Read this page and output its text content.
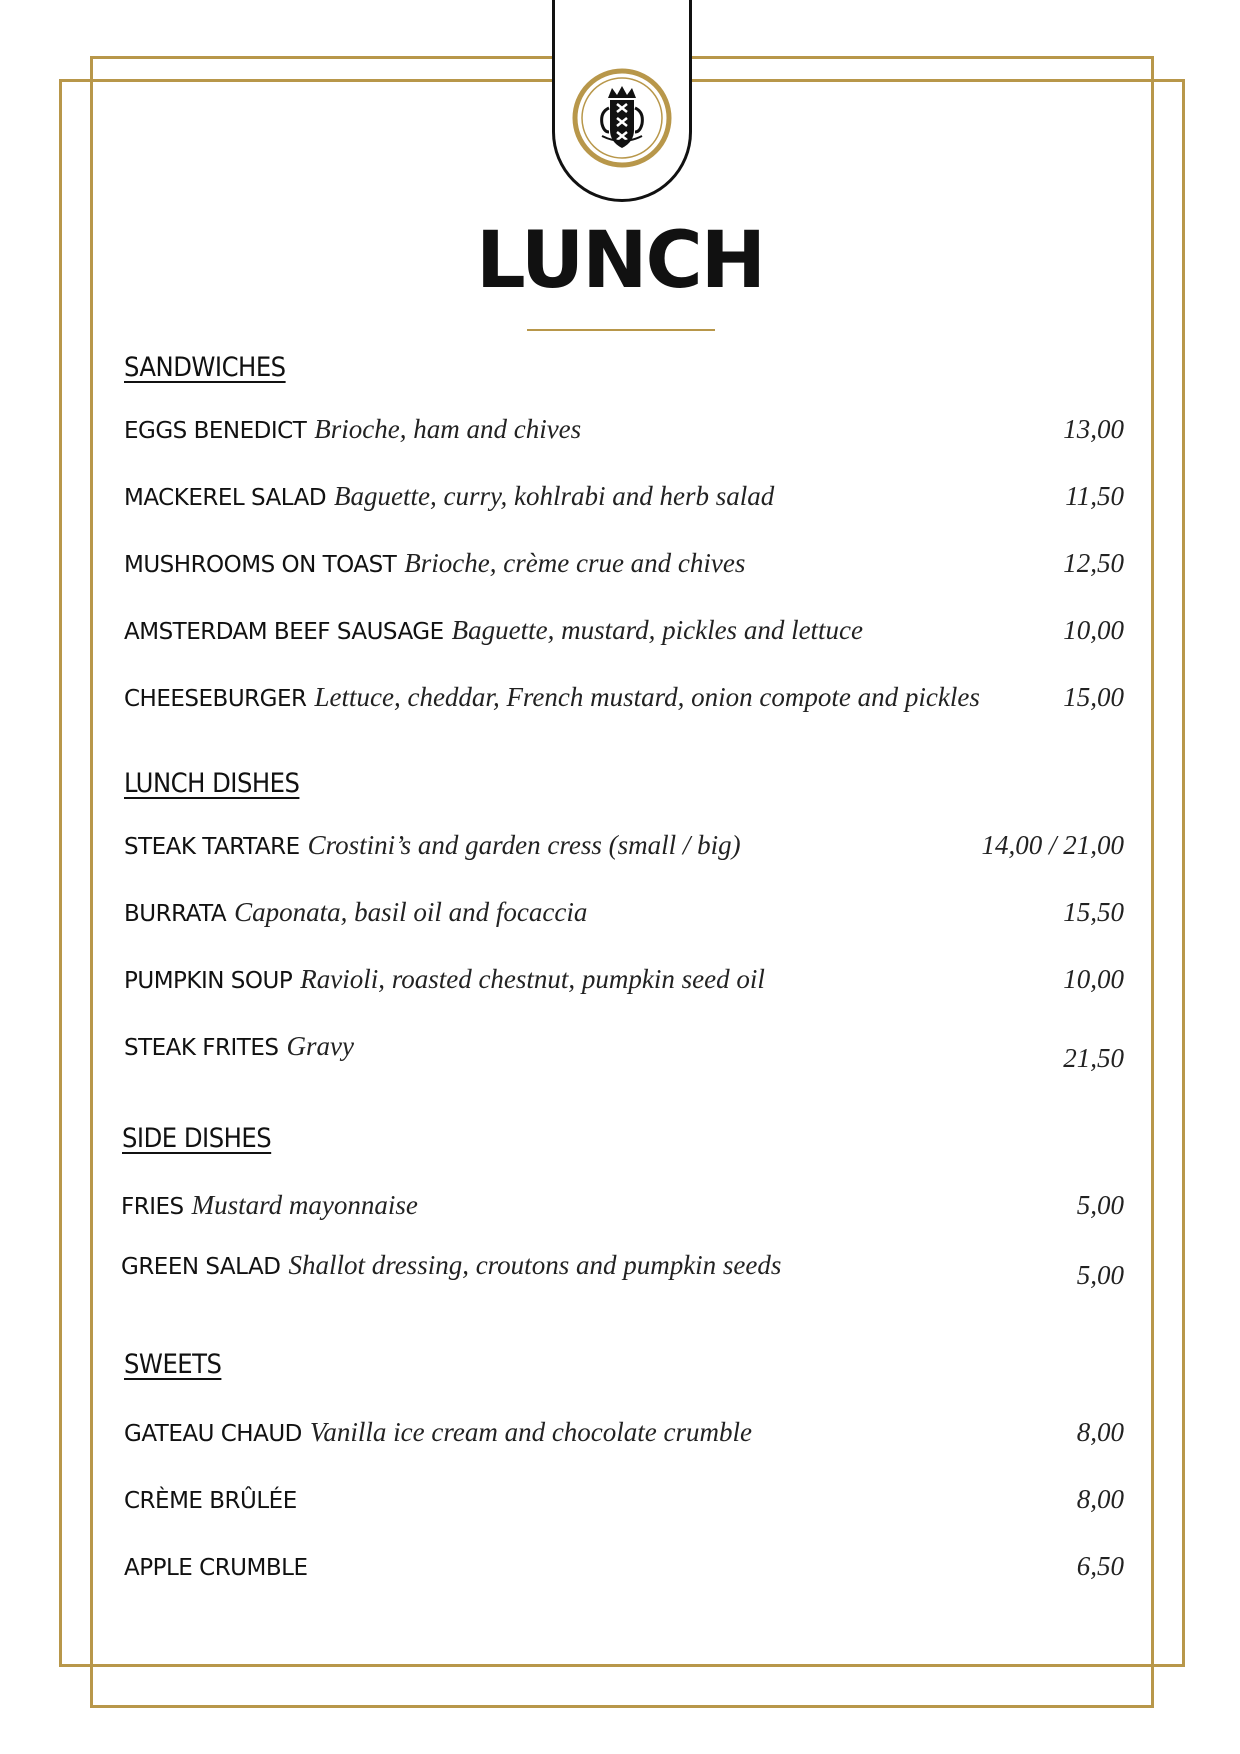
LUNCH
SANDWICHES
EGGS BENEDICT Brioche, ham and chives	13,00
MACKEREL SALAD Baguette, curry, kohlrabi and herb salad	11,50
MUSHROOMS ON TOAST Brioche, crème crue and chives	12,50
AMSTERDAM BEEF SAUSAGE Baguette, mustard, pickles and lettuce	10,00
CHEESEBURGER Lettuce, cheddar, French mustard, onion compote and pickles	15,00
LUNCH DISHES
STEAK TARTARE Crostini’s and garden cress (small / big)	14,00 / 21,00
BURRATA Caponata, basil oil and focaccia	15,50
PUMPKIN SOUP Ravioli, roasted chestnut, pumpkin seed oil	10,00
STEAK FRITES Gravy	21,50
SIDE DISHES
FRIES Mustard mayonnaise	5,00
GREEN SALAD Shallot dressing, croutons and pumpkin seeds	5,00
SWEETS
GATEAU CHAUD Vanilla ice cream and chocolate crumble	8,00
CRÈME BRÛLÉE	8,00
APPLE CRUMBLE	6,50
